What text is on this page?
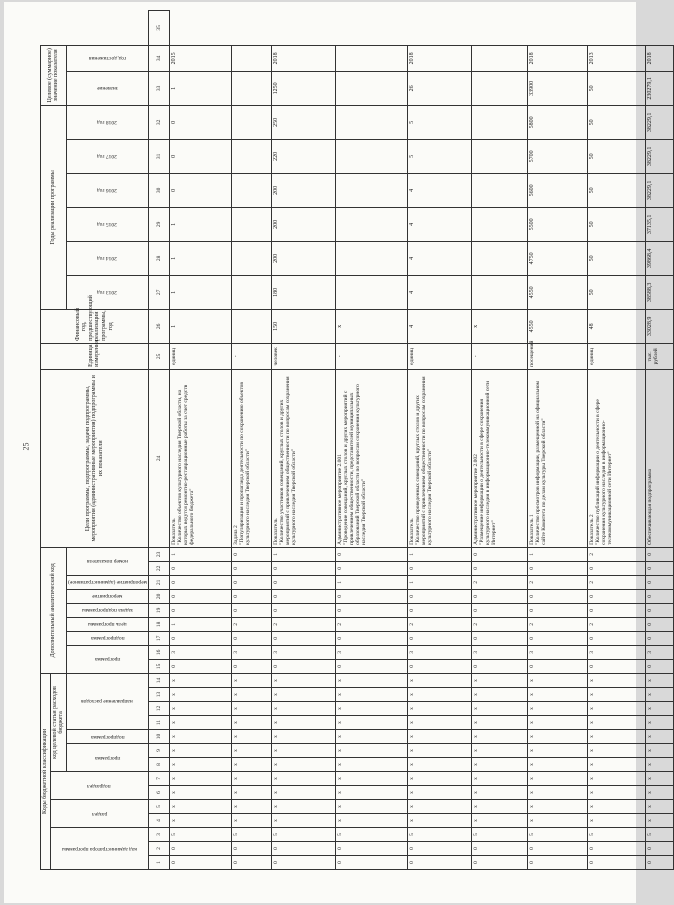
25
Коды бюджетной классификации														Дополнительный аналитический код									Цели программы, подпрограммы, задачи подпрограммы, мероприятия (административные мероприятия) подпрограммы и их показатели	Единица измерения	Финансовый год, предшествующий реализации программы, год	Годы реализации программы						Целевое (суммарное) значение показателя		

код администратора программы			раздел		подраздел		код целевой статьи расходов бюджета																											

							программа		подпрограмма	направление расходов				программа		подпрограмма	цель программы	задача подпрограммы	мероприятие	мероприятие (административное)	номер показателя													

																										2013 год	2014 год	2015 год	2016 год	2017 год	2018 год	значение	год достижения	

1	2	3	4	5	6	7	8	9	10	11	12	13	14	15	16	17	18	19	20	21	22	23	24	25	26	27	28	29	30	31	32	33	34	35
0	0	5	x	x	x	x	x	x	x	x	x	x	x	0	3	0	1	0	0	0	0	1	Показатель
"Количество объектов культурного наследия Тверской области, на которых ведутся ремонтно-реставрационные работы за счет средств федерального бюджета"	единиц	1	1	1	1	0	0	0	1	2015	
0	0	5	x	x	x	x	x	x	x	x	x	x	x	0	3	0	2	0	0	0	0	0	Задача 2
"Популяризация и пропаганда деятельности по сохранению объектов культурного наследия Тверской области"	-										
0	0	5	x	x	x	x	x	x	x	x	x	x	x	0	3	0	2	0	0	0	0	1	Показатель
"Количество участников совещаний, круглых столов и других мероприятий с привлечением общественности по вопросам сохранения культурного наследия Тверской области"	человек	150	180	200	200	200	220	250	1250	2018	
0	0	5	x	x	x	x	x	x	x	x	x	x	x	0	3	0	2	0	0	1	0	0	Административное мероприятие 2.001
"Проведение совещаний, круглых столов и других мероприятий с привлечением общественности, представителей муниципальных образований Тверской области по вопросам сохранения культурного наследия Тверской области"	-	x									
0	0	5	x	x	x	x	x	x	x	x	x	x	x	0	3	0	2	0	0	1	0	1	Показатель
"Количество проведенных совещаний, круглых столов и других мероприятий с привлечением общественности по вопросам сохранения культурного наследия Тверской области"	единиц	4	4	4	4	4	5	5	26	2018	
0	0	5	x	x	x	x	x	x	x	x	x	x	x	0	3	0	2	0	0	2	0	0	Административное мероприятие 2.002
"Размещение информации о деятельности в сфере сохранения культурного наследия в информационно-телекоммуникационной сети Интернет"	-	x									
0	0	5	x	x	x	x	x	x	x	x	x	x	x	0	3	0	2	0	0	2	0	1	Показатель 1
"Количество просмотров информации, размещенной на официальном сайте Комитета по делам культуры Тверской области"	посещений	4550	4550	4750	5500	5600	5700	5800	33900	2018	
0	0	5	x	x	x	x	x	x	x	x	x	x	x	0	3	0	2	0	0	2	0	2	Показатель 2
"Количество публикаций информации о деятельности в сфере сохранения культурного наследия в информационно-телекоммуникационной сети Интернет"	единиц	48	50	50	50	50	50	50	50	2013	
0	0	5	x	x	x	x	x	x	x	x	x	x	x	0	3	0	0	0	0	0	0	0	Обеспечивающая подпрограмма	тыс. рублей	33028,9	38588,3	39868,4	37135,1	38229,1	38229,1	38229,1	230279,1	2018	
